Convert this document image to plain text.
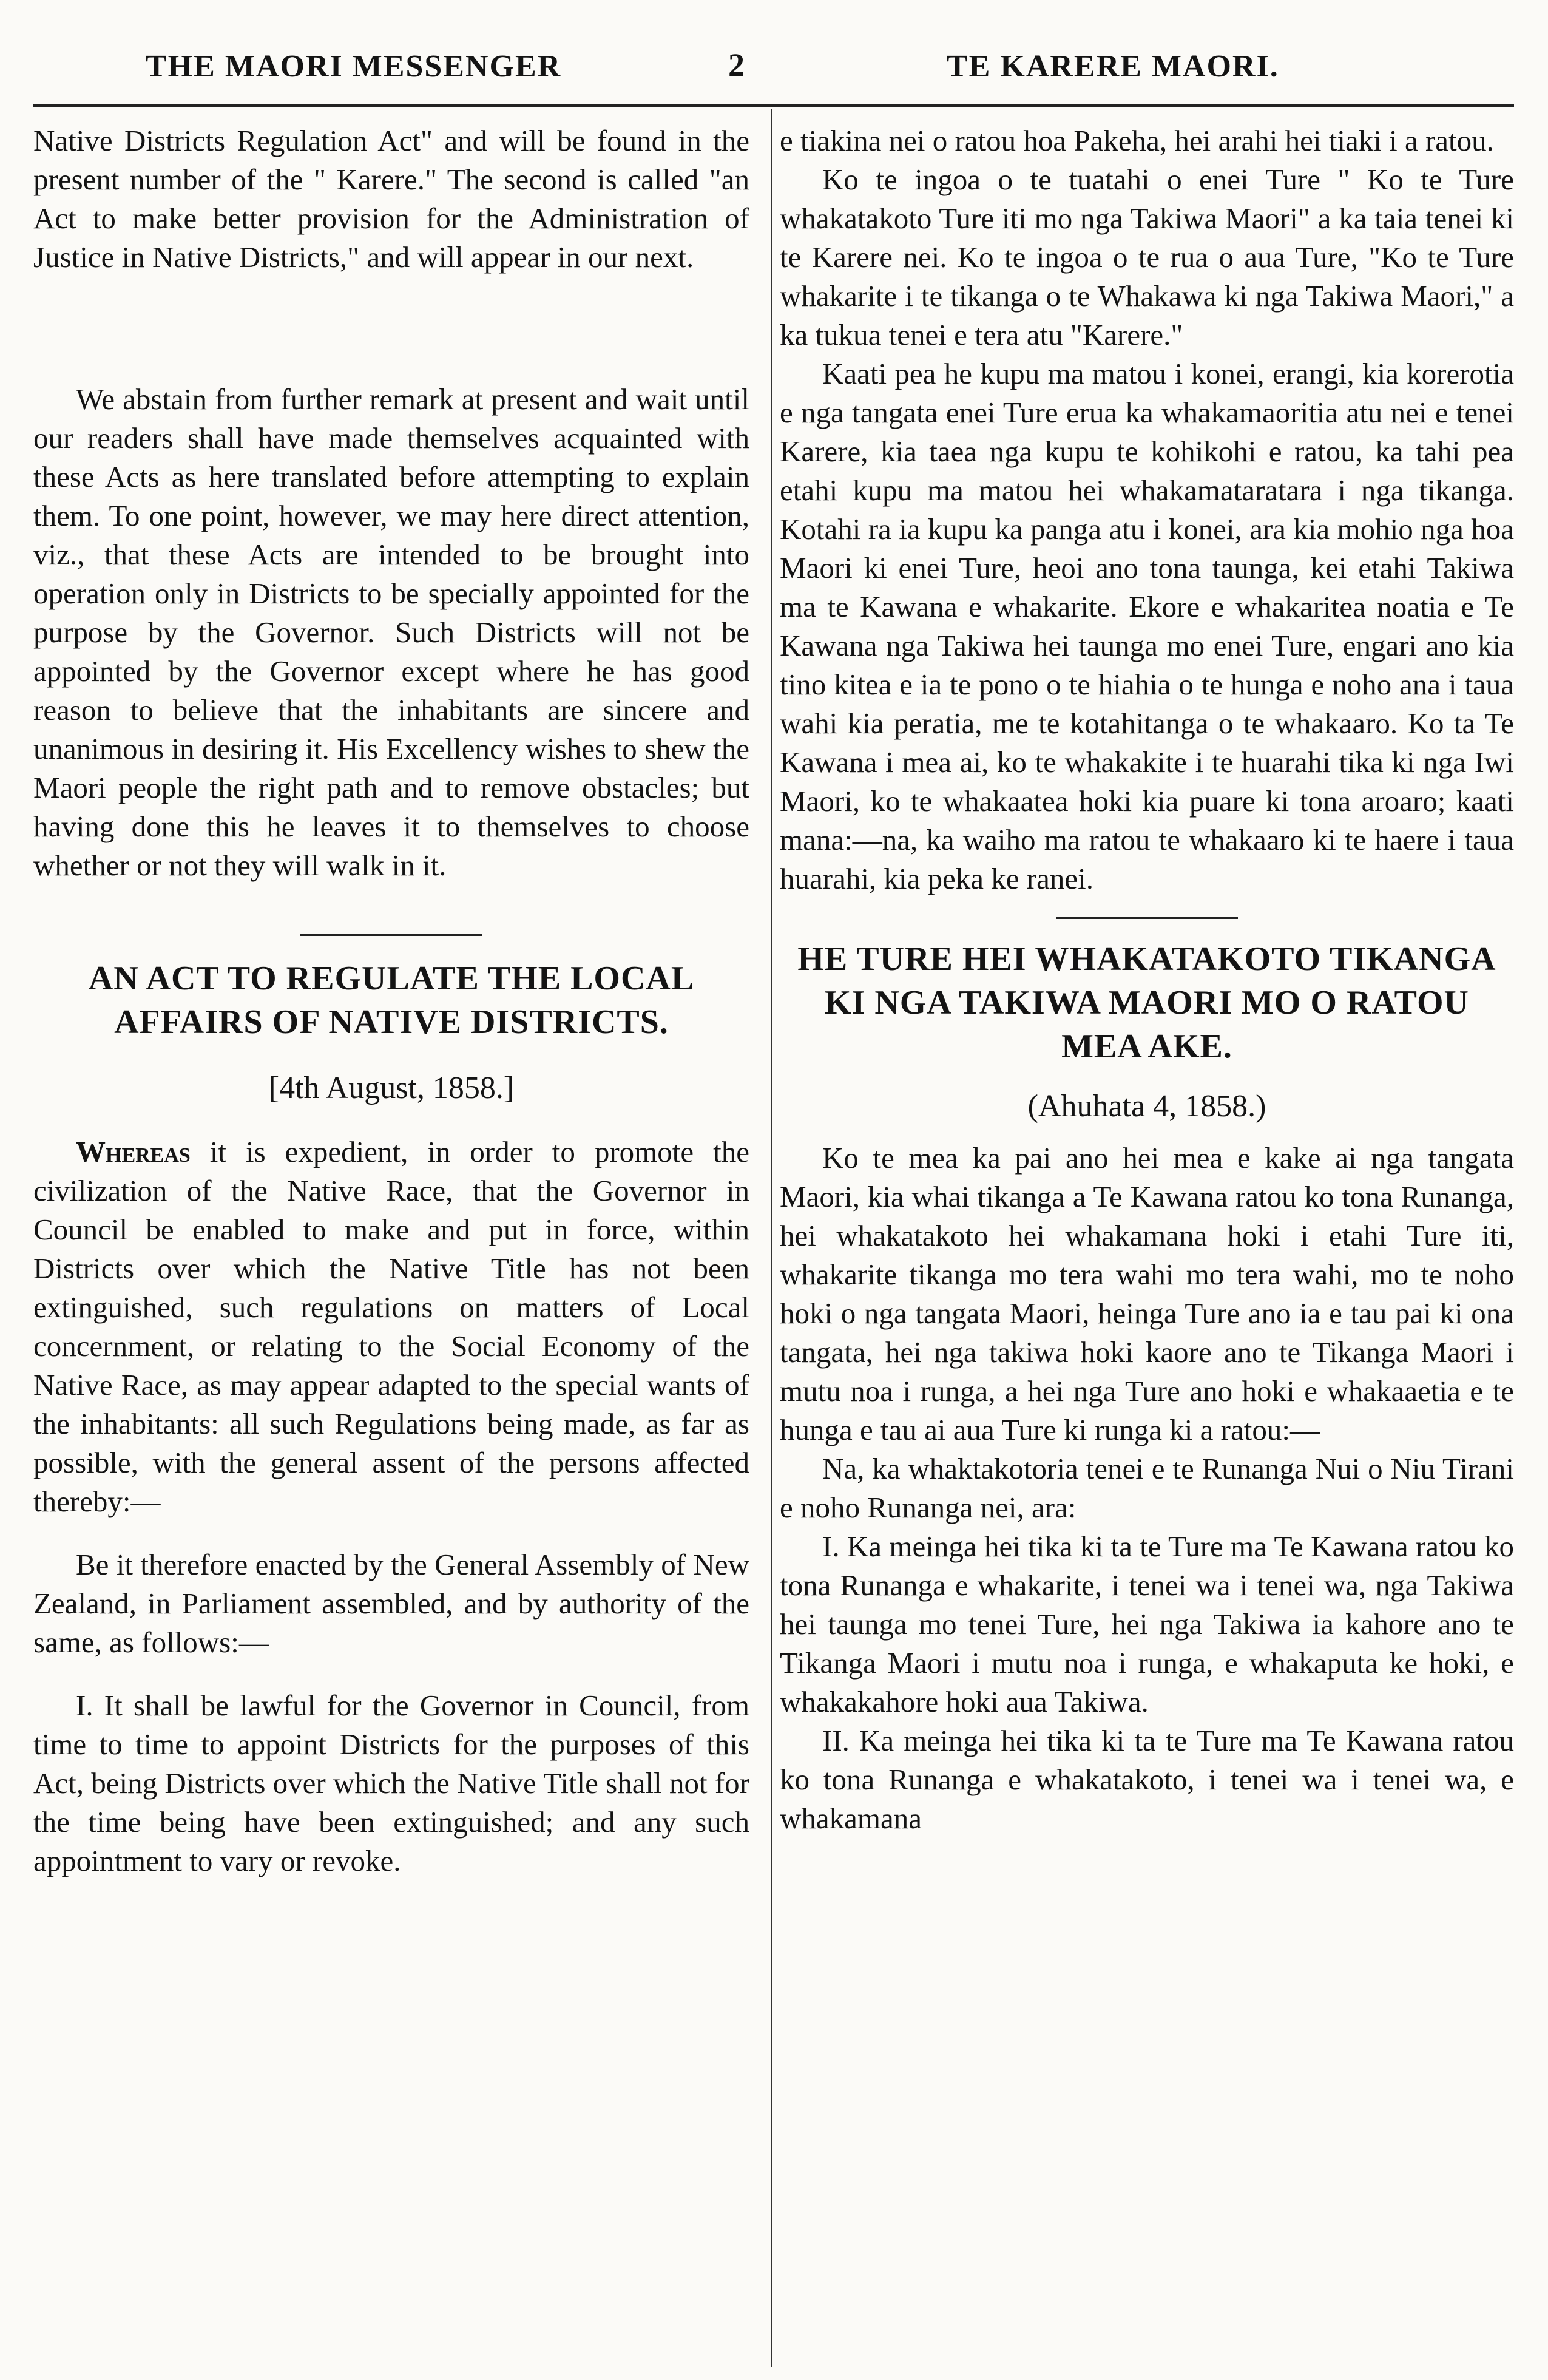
THE MAORI MESSENGER	2	TE KARERE MAORI.

Native Districts Regulation Act" and will be found in the present number of the " Karere." The second is called "an Act to make better provision for the Administration of Justice in Native Districts," and will appear in our next.

We abstain from further remark at present and wait until our readers shall have made themselves acquainted with these Acts as here translated before attempting to explain them. To one point, however, we may here direct attention, viz., that these Acts are intended to be brought into operation only in Districts to be specially appointed for the purpose by the Governor. Such Districts will not be appointed by the Governor except where he has good reason to believe that the inhabitants are sincere and unanimous in desiring it. His Excellency wishes to shew the Maori people the right path and to remove obstacles; but having done this he leaves it to themselves to choose whether or not they will walk in it.

AN ACT TO REGULATE THE LOCAL AFFAIRS OF NATIVE DISTRICTS.
[4th August, 1858.]

Whereas it is expedient, in order to promote the civilization of the Native Race, that the Governor in Council be enabled to make and put in force, within Districts over which the Native Title has not been extinguished, such regulations on matters of Local concernment, or relating to the Social Economy of the Native Race, as may appear adapted to the special wants of the inhabitants: all such Regulations being made, as far as possible, with the general assent of the persons affected thereby:—

Be it therefore enacted by the General Assembly of New Zealand, in Parliament assembled, and by authority of the same, as follows:—

I. It shall be lawful for the Governor in Council, from time to time to appoint Districts for the purposes of this Act, being Districts over which the Native Title shall not for the time being have been extinguished; and any such appointment to vary or revoke.

e tiakina nei o ratou hoa Pakeha, hei arahi hei tiaki i a ratou.

Ko te ingoa o te tuatahi o enei Ture " Ko te Ture whakatakoto Ture iti mo nga Takiwa Maori" a ka taia tenei ki te Karere nei. Ko te ingoa o te rua o aua Ture, "Ko te Ture whakarite i te tikanga o te Whakawa ki nga Takiwa Maori," a ka tukua tenei e tera atu "Karere."

Kaati pea he kupu ma matou i konei, erangi, kia korerotia e nga tangata enei Ture erua ka whakamaoritia atu nei e tenei Karere, kia taea nga kupu te kohikohi e ratou, ka tahi pea etahi kupu ma matou hei whakamataratara i nga tikanga. Kotahi ra ia kupu ka panga atu i konei, ara kia mohio nga hoa Maori ki enei Ture, heoi ano tona taunga, kei etahi Takiwa ma te Kawana e whakarite. Ekore e whakaritea noatia e Te Kawana nga Takiwa hei taunga mo enei Ture, engari ano kia tino kitea e ia te pono o te hiahia o te hunga e noho ana i taua wahi kia peratia, me te kotahitanga o te whakaaro. Ko ta Te Kawana i mea ai, ko te whakakite i te huarahi tika ki nga Iwi Maori, ko te whakaatea hoki kia puare ki tona aroaro; kaati mana:—na, ka waiho ma ratou te whakaaro ki te haere i taua huarahi, kia peka ke ranei.

HE TURE HEI WHAKATAKOTO TIKANGA KI NGA TAKIWA MAORI MO O RATOU MEA AKE.
(Ahuhata 4, 1858.)

Ko te mea ka pai ano hei mea e kake ai nga tangata Maori, kia whai tikanga a Te Kawana ratou ko tona Runanga, hei whakatakoto hei whakamana hoki i etahi Ture iti, whakarite tikanga mo tera wahi mo tera wahi, mo te noho hoki o nga tangata Maori, heinga Ture ano ia e tau pai ki ona tangata, hei nga takiwa hoki kaore ano te Tikanga Maori i mutu noa i runga, a hei nga Ture ano hoki e whakaaetia e te hunga e tau ai aua Ture ki runga ki a ratou:—

Na, ka whaktakotoria tenei e te Runanga Nui o Niu Tirani e noho Runanga nei, ara:

I. Ka meinga hei tika ki ta te Ture ma Te Kawana ratou ko tona Runanga e whakarite, i tenei wa i tenei wa, nga Takiwa hei taunga mo tenei Ture, hei nga Takiwa ia kahore ano te Tikanga Maori i mutu noa i runga, e whakaputa ke hoki, e whakakahore hoki aua Takiwa.

II. Ka meinga hei tika ki ta te Ture ma Te Kawana ratou ko tona Runanga e whakatakoto, i tenei wa i tenei wa, e whakamana
